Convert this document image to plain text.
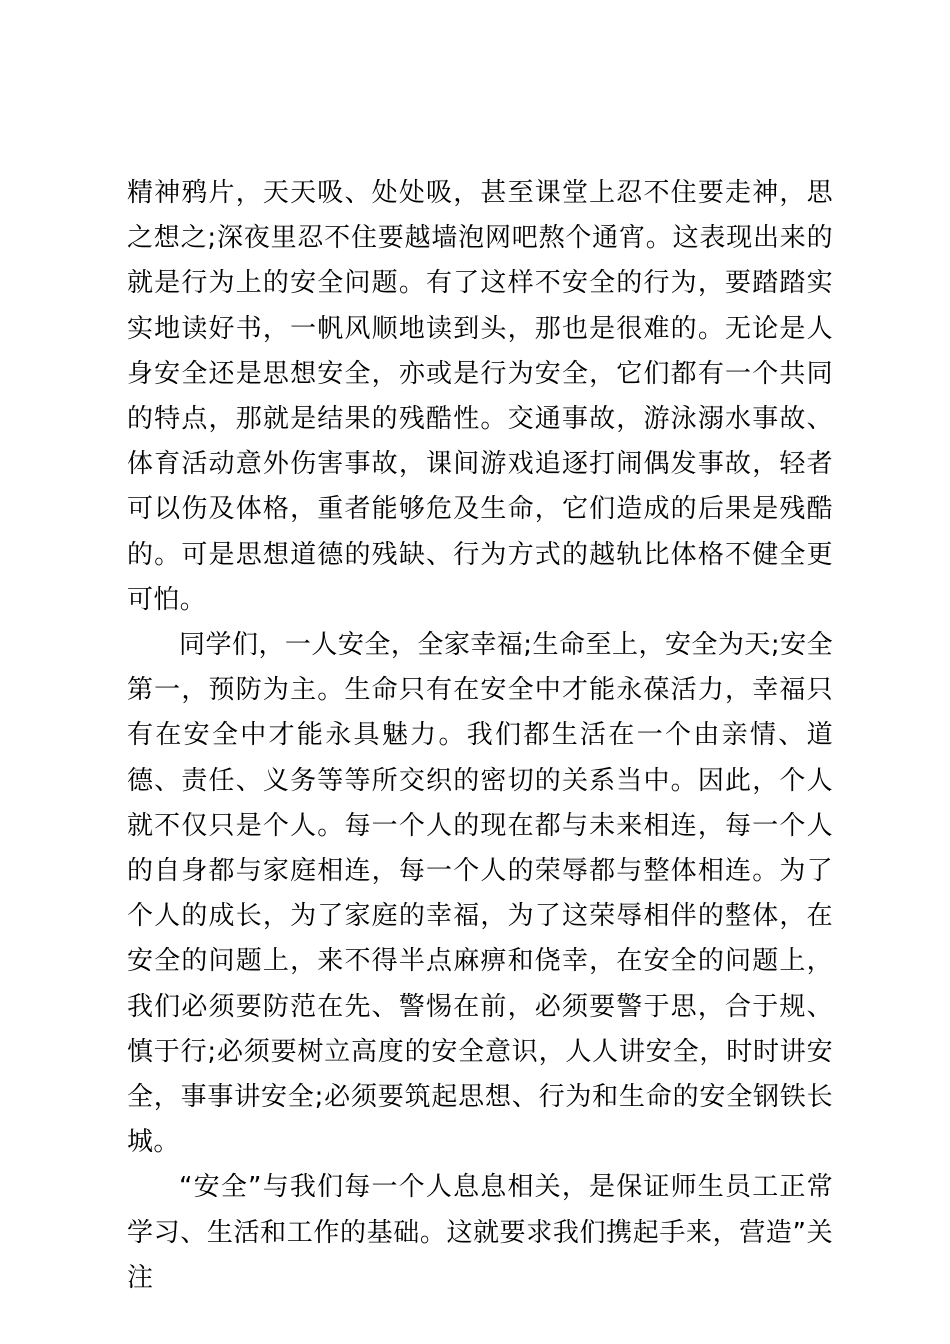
精神鸦片，天天吸、处处吸，甚至课堂上忍不住要走神，思之想之;深夜里忍不住要越墙泡网吧熬个通宵。这表现出来的就是行为上的安全问题。有了这样不安全的行为，要踏踏实实地读好书，一帆风顺地读到头，那也是很难的。无论是人身安全还是思想安全，亦或是行为安全，它们都有一个共同的特点，那就是结果的残酷性。交通事故，游泳溺水事故、体育活动意外伤害事故，课间游戏追逐打闹偶发事故，轻者可以伤及体格，重者能够危及生命，它们造成的后果是残酷的。可是思想道德的残缺、行为方式的越轨比体格不健全更可怕。

同学们，一人安全，全家幸福;生命至上，安全为天;安全第一，预防为主。生命只有在安全中才能永葆活力，幸福只有在安全中才能永具魅力。我们都生活在一个由亲情、道德、责任、义务等等所交织的密切的关系当中。因此，个人就不仅只是个人。每一个人的现在都与未来相连，每一个人的自身都与家庭相连，每一个人的荣辱都与整体相连。为了个人的成长，为了家庭的幸福，为了这荣辱相伴的整体，在安全的问题上，来不得半点麻痹和侥幸，在安全的问题上，我们必须要防范在先、警惕在前，必须要警于思，合于规、慎于行;必须要树立高度的安全意识，人人讲安全，时时讲安全，事事讲安全;必须要筑起思想、行为和生命的安全钢铁长城。

“安全”与我们每一个人息息相关，是保证师生员工正常学习、生活和工作的基础。这就要求我们携起手来，营造”关注
